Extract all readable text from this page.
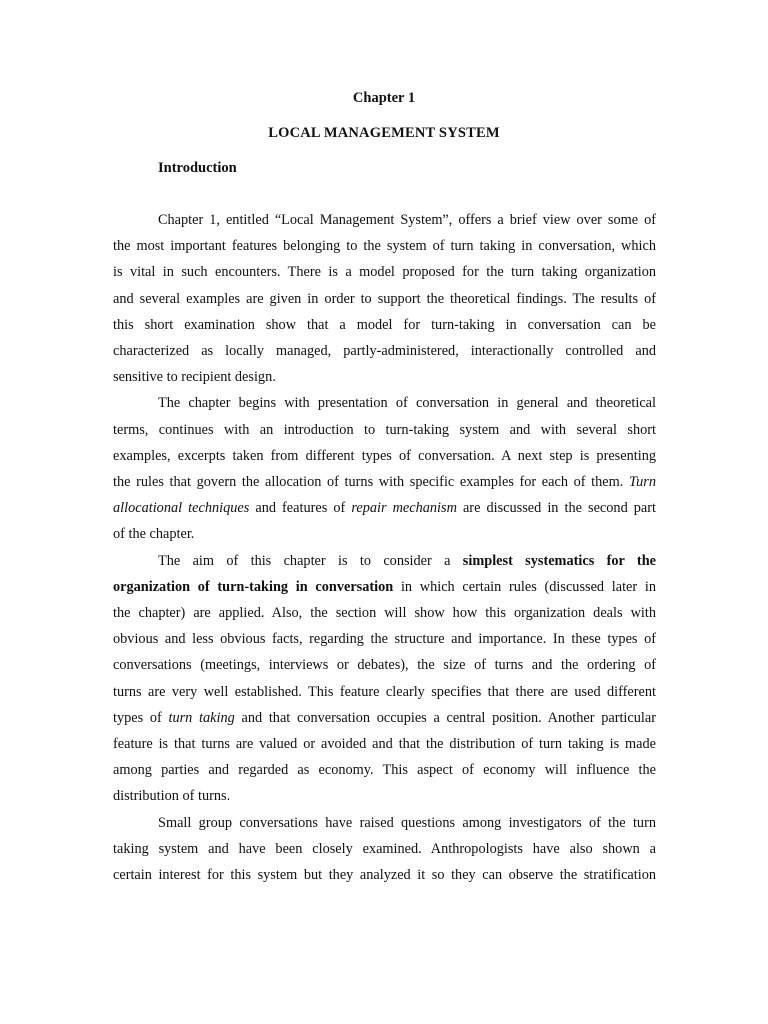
Chapter 1
LOCAL MANAGEMENT SYSTEM
Introduction

Chapter 1, entitled “Local Management System”, offers a brief view over some of
the most important features belonging to the system of turn taking in conversation, which
is vital in such encounters. There is a model proposed for the turn taking organization
and several examples are given in order to support the theoretical findings. The results of
this short examination show that a model for turn-taking in conversation can be
characterized as locally managed, partly-administered, interactionally controlled and
sensitive to recipient design.

The chapter begins with presentation of conversation in general and theoretical
terms, continues with an introduction to turn-taking system and with several short
examples, excerpts taken from different types of conversation. A next step is presenting
the rules that govern the allocation of turns with specific examples for each of them. Turn
allocational techniques and features of repair mechanism are discussed in the second part
of the chapter.

The aim of this chapter is to consider a simplest systematics for the
organization of turn-taking in conversation in which certain rules (discussed later in
the chapter) are applied. Also, the section will show how this organization deals with
obvious and less obvious facts, regarding the structure and importance. In these types of
conversations (meetings, interviews or debates), the size of turns and the ordering of
turns are very well established. This feature clearly specifies that there are used different
types of turn taking and that conversation occupies a central position. Another particular
feature is that turns are valued or avoided and that the distribution of turn taking is made
among parties and regarded as economy. This aspect of economy will influence the
distribution of turns.

Small group conversations have raised questions among investigators of the turn
taking system and have been closely examined. Anthropologists have also shown a
certain interest for this system but they analyzed it so they can observe the stratification
